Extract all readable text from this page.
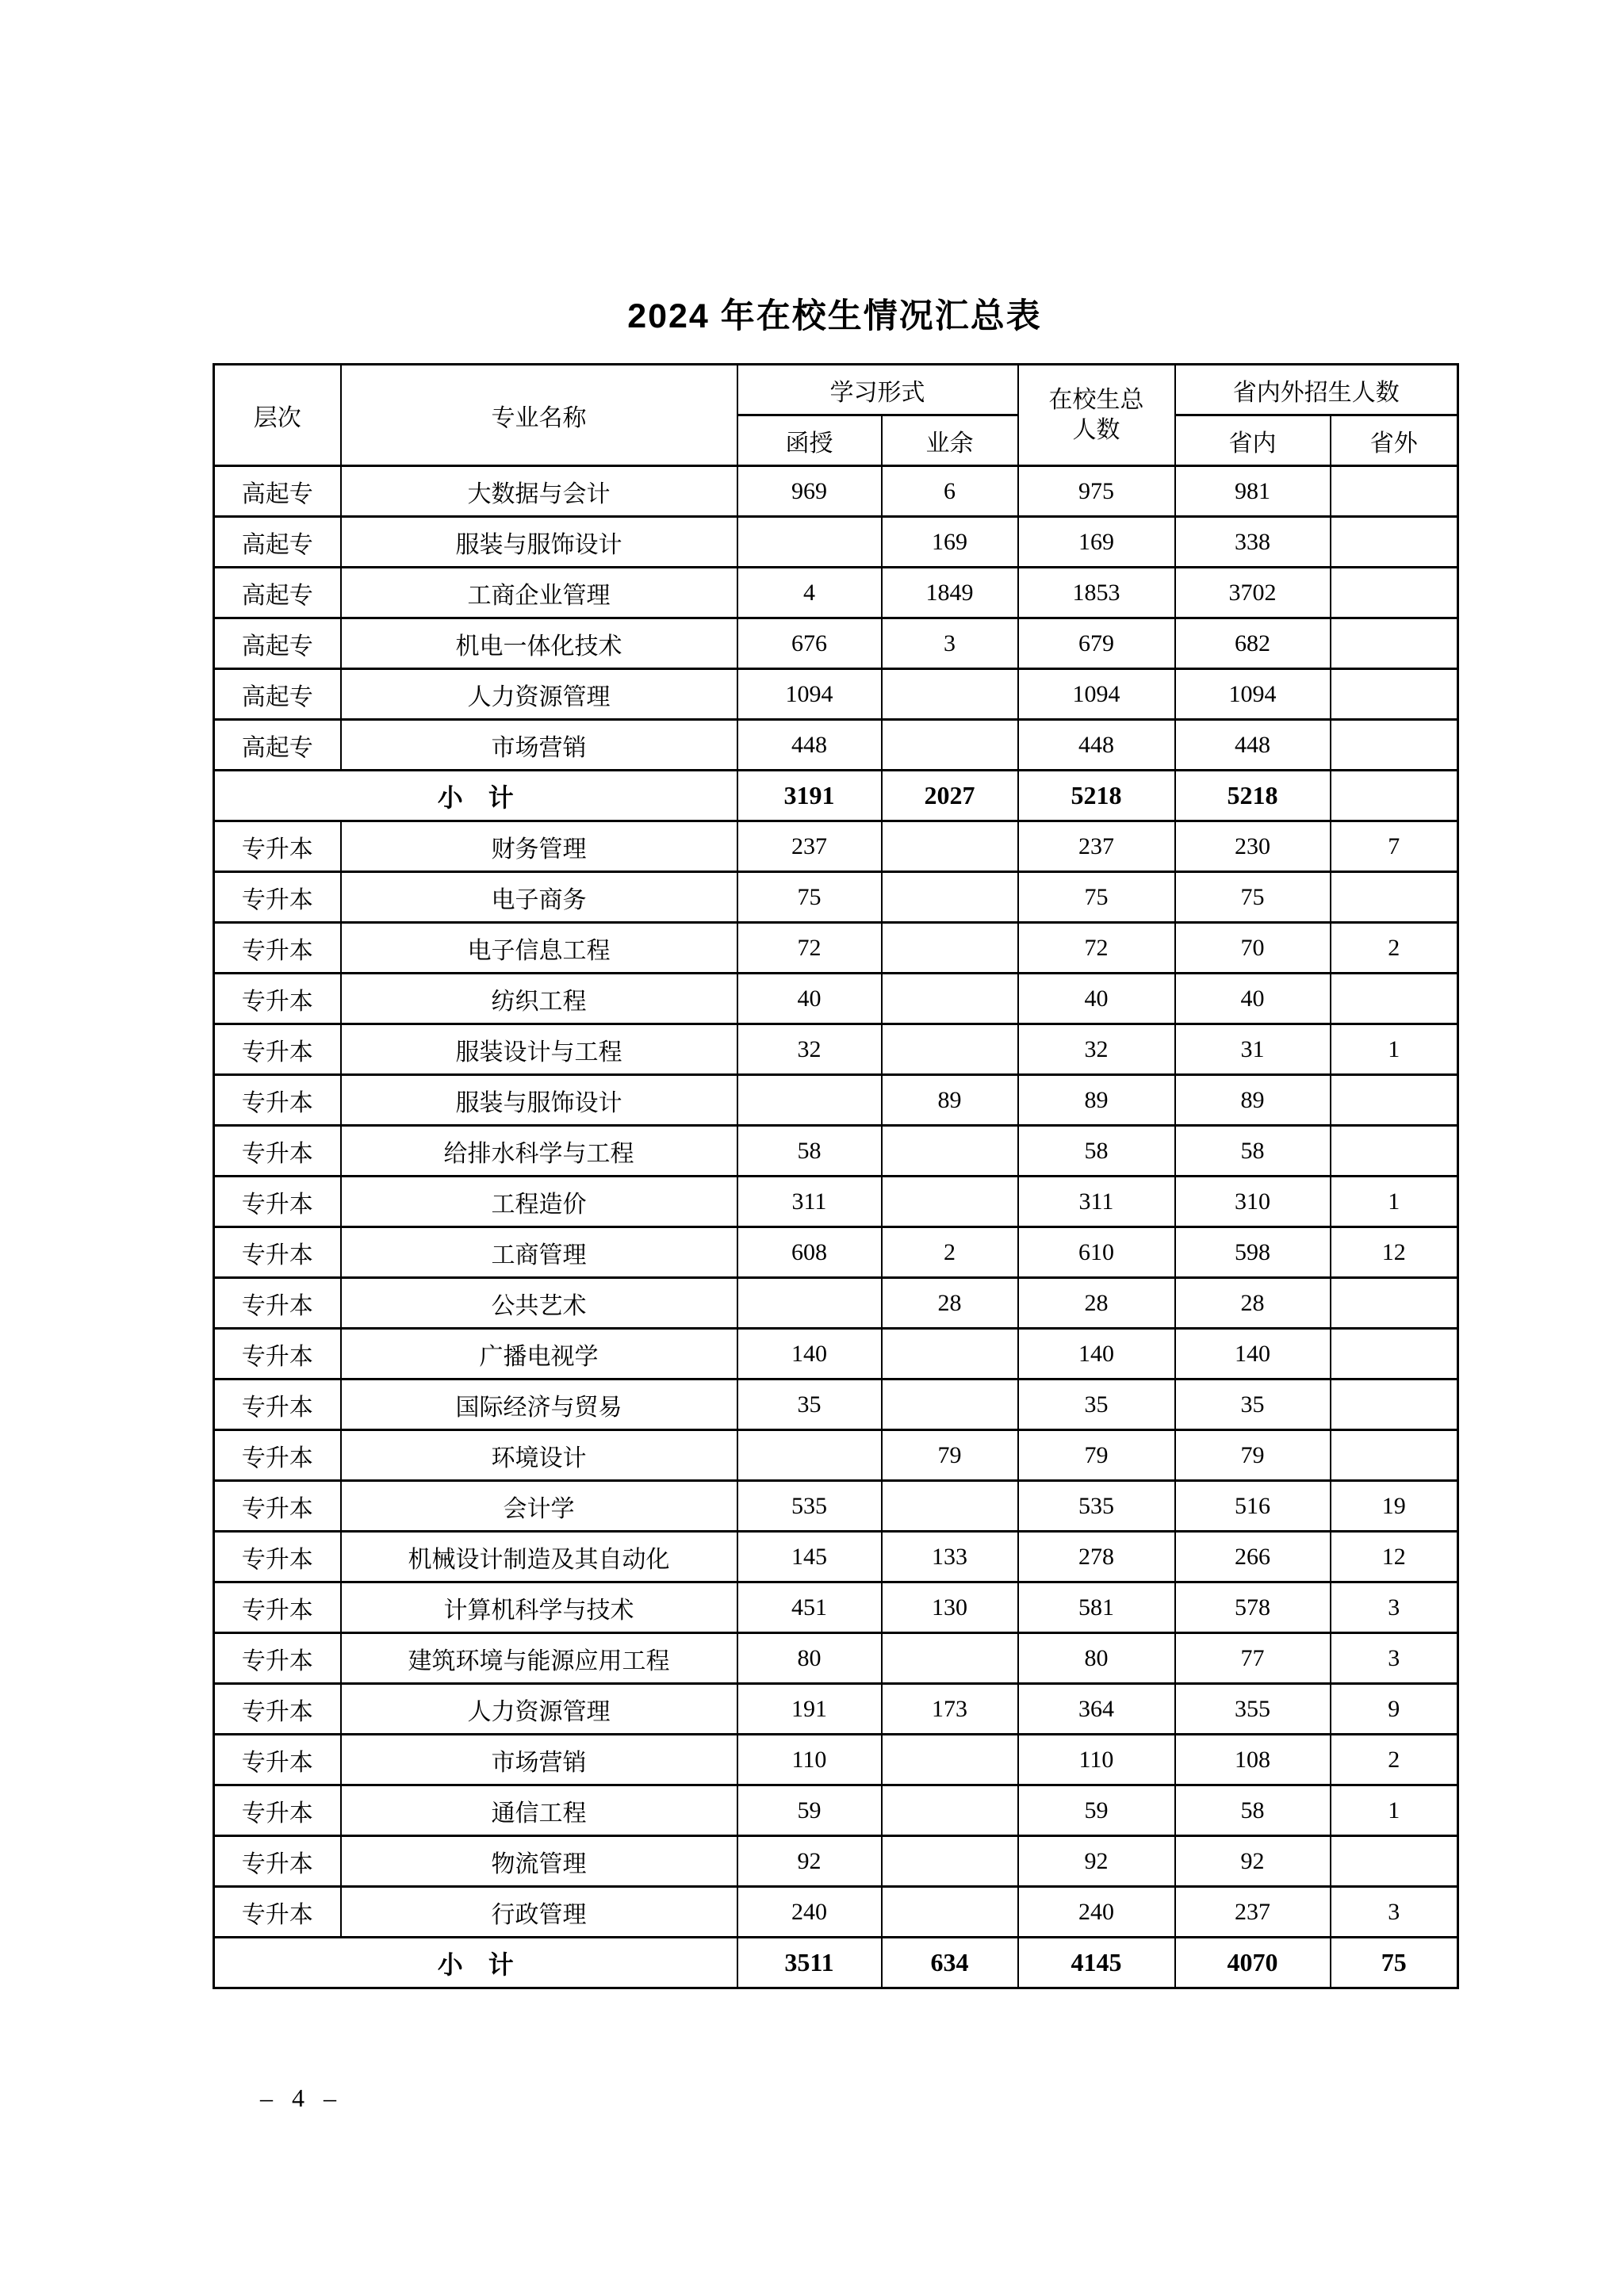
2024 年在校生情况汇总表
层次	专业名称	学习形式		在校生总人数	省内外招生人数	
		函授	业余		省内	省外
高起专	大数据与会计	969	6	975	981	
高起专	服装与服饰设计		169	169	338	
高起专	工商企业管理	4	1849	1853	3702	
高起专	机电一体化技术	676	3	679	682	
高起专	人力资源管理	1094		1094	1094	
高起专	市场营销	448		448	448	
小　计		3191	2027	5218	5218	
专升本	财务管理	237		237	230	7
专升本	电子商务	75		75	75	
专升本	电子信息工程	72		72	70	2
专升本	纺织工程	40		40	40	
专升本	服装设计与工程	32		32	31	1
专升本	服装与服饰设计		89	89	89	
专升本	给排水科学与工程	58		58	58	
专升本	工程造价	311		311	310	1
专升本	工商管理	608	2	610	598	12
专升本	公共艺术		28	28	28	
专升本	广播电视学	140		140	140	
专升本	国际经济与贸易	35		35	35	
专升本	环境设计		79	79	79	
专升本	会计学	535		535	516	19
专升本	机械设计制造及其自动化	145	133	278	266	12
专升本	计算机科学与技术	451	130	581	578	3
专升本	建筑环境与能源应用工程	80		80	77	3
专升本	人力资源管理	191	173	364	355	9
专升本	市场营销	110		110	108	2
专升本	通信工程	59		59	58	1
专升本	物流管理	92		92	92	
专升本	行政管理	240		240	237	3
小　计		3511	634	4145	4070	75
– 4 –
